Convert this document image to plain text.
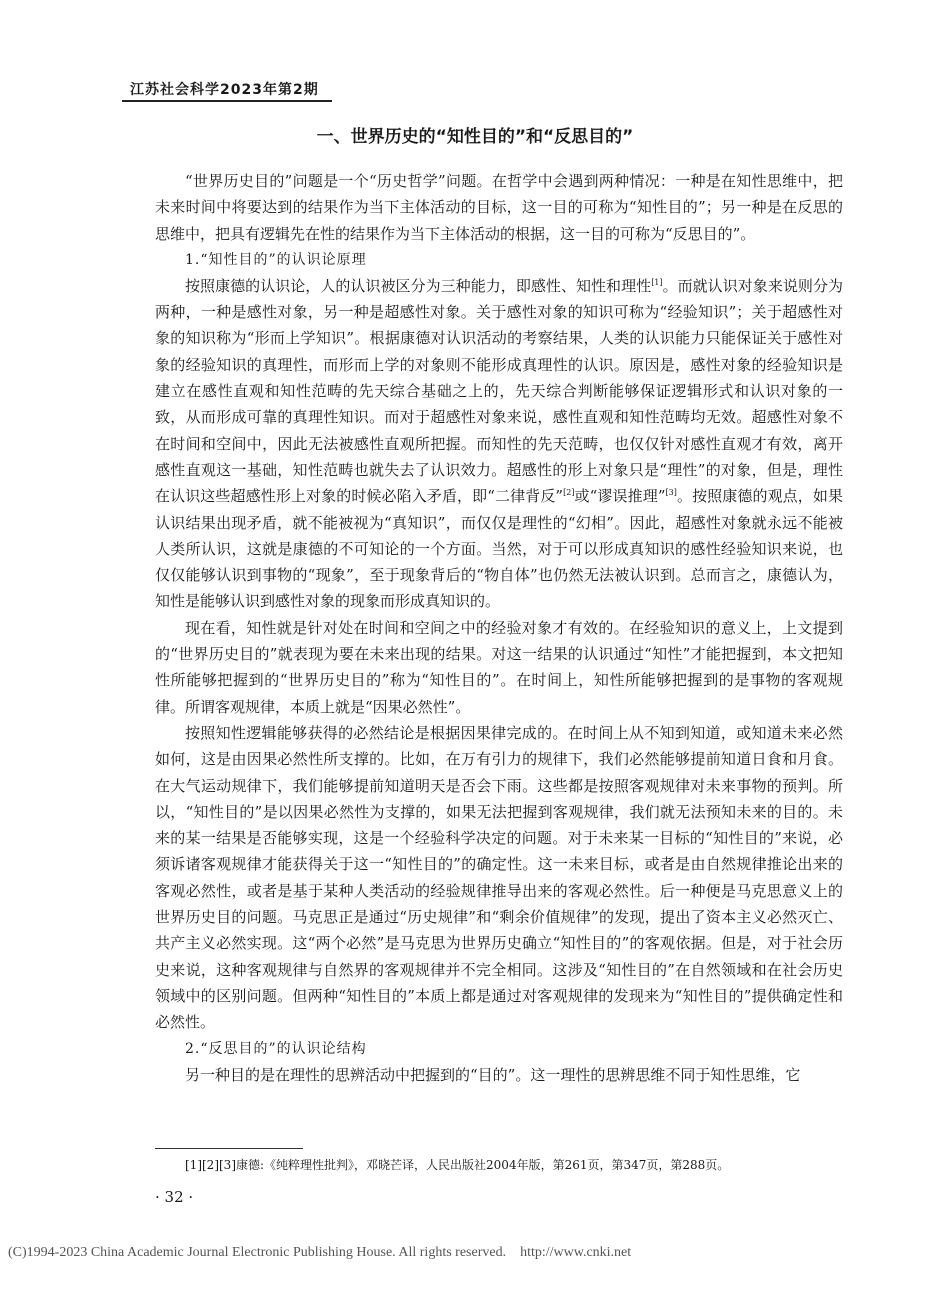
江苏社会科学2023年第2期
一、世界历史的“知性目的”和“反思目的”

“世界历史目的”问题是一个“历史哲学”问题。在哲学中会遇到两种情况：一种是在知性思维中，把未来时间中将要达到的结果作为当下主体活动的目标，这一目的可称为“知性目的”；另一种是在反思的思维中，把具有逻辑先在性的结果作为当下主体活动的根据，这一目的可称为“反思目的”。

1.“知性目的”的认识论原理

按照康德的认识论，人的认识被区分为三种能力，即感性、知性和理性[1]。而就认识对象来说则分为两种，一种是感性对象，另一种是超感性对象。关于感性对象的知识可称为“经验知识”；关于超感性对象的知识称为“形而上学知识”。根据康德对认识活动的考察结果，人类的认识能力只能保证关于感性对象的经验知识的真理性，而形而上学的对象则不能形成真理性的认识。原因是，感性对象的经验知识是建立在感性直观和知性范畴的先天综合基础之上的，先天综合判断能够保证逻辑形式和认识对象的一致，从而形成可靠的真理性知识。而对于超感性对象来说，感性直观和知性范畴均无效。超感性对象不在时间和空间中，因此无法被感性直观所把握。而知性的先天范畴，也仅仅针对感性直观才有效，离开感性直观这一基础，知性范畴也就失去了认识效力。超感性的形上对象只是“理性”的对象，但是，理性在认识这些超感性形上对象的时候必陷入矛盾，即“二律背反”[2]或“谬误推理”[3]。按照康德的观点，如果认识结果出现矛盾，就不能被视为“真知识”，而仅仅是理性的“幻相”。因此，超感性对象就永远不能被人类所认识，这就是康德的不可知论的一个方面。当然，对于可以形成真知识的感性经验知识来说，也仅仅能够认识到事物的“现象”，至于现象背后的“物自体”也仍然无法被认识到。总而言之，康德认为，知性是能够认识到感性对象的现象而形成真知识的。

现在看，知性就是针对处在时间和空间之中的经验对象才有效的。在经验知识的意义上，上文提到的“世界历史目的”就表现为要在未来出现的结果。对这一结果的认识通过“知性”才能把握到，本文把知性所能够把握到的“世界历史目的”称为“知性目的”。在时间上，知性所能够把握到的是事物的客观规律。所谓客观规律，本质上就是“因果必然性”。

按照知性逻辑能够获得的必然结论是根据因果律完成的。在时间上从不知到知道，或知道未来必然如何，这是由因果必然性所支撑的。比如，在万有引力的规律下，我们必然能够提前知道日食和月食。在大气运动规律下，我们能够提前知道明天是否会下雨。这些都是按照客观规律对未来事物的预判。所以，“知性目的”是以因果必然性为支撑的，如果无法把握到客观规律，我们就无法预知未来的目的。未来的某一结果是否能够实现，这是一个经验科学决定的问题。对于未来某一目标的“知性目的”来说，必须诉诸客观规律才能获得关于这一“知性目的”的确定性。这一未来目标，或者是由自然规律推论出来的客观必然性，或者是基于某种人类活动的经验规律推导出来的客观必然性。后一种便是马克思意义上的世界历史目的问题。马克思正是通过“历史规律”和“剩余价值规律”的发现，提出了资本主义必然灭亡、共产主义必然实现。这“两个必然”是马克思为世界历史确立“知性目的”的客观依据。但是，对于社会历史来说，这种客观规律与自然界的客观规律并不完全相同。这涉及“知性目的”在自然领域和在社会历史领域中的区别问题。但两种“知性目的”本质上都是通过对客观规律的发现来为“知性目的”提供确定性和必然性。

2.“反思目的”的认识论结构

另一种目的是在理性的思辨活动中把握到的“目的”。这一理性的思辨思维不同于知性思维，它

[1][2][3]康德:《纯粹理性批判》，邓晓芒译，人民出版社2004年版，第261页，第347页，第288页。
· 32 ·
(C)1994-2023 China Academic Journal Electronic Publishing House. All rights reserved.    http://www.cnki.net
